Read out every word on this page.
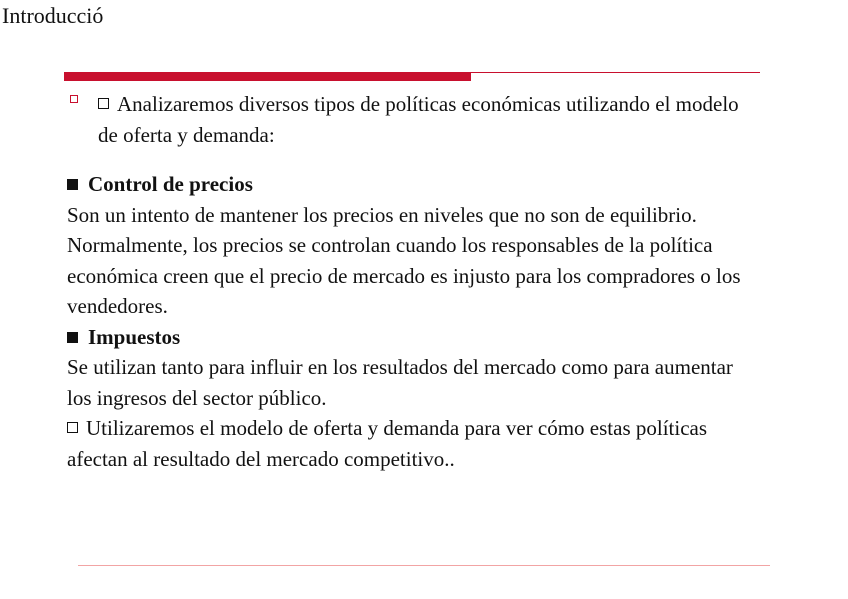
Introducció
Analizaremos diversos tipos de políticas económicas utilizando el modelo de oferta y demanda:

Control de precios

Son un intento de mantener los precios en niveles que no son de equilibrio.

Normalmente, los precios se controlan cuando los responsables de la política económica creen que el precio de mercado es injusto para los compradores o los vendedores.

Impuestos

Se utilizan tanto para influir en los resultados del mercado como para aumentar los ingresos del sector público.

Utilizaremos el modelo de oferta y demanda para ver cómo estas políticas afectan al resultado del mercado competitivo..
